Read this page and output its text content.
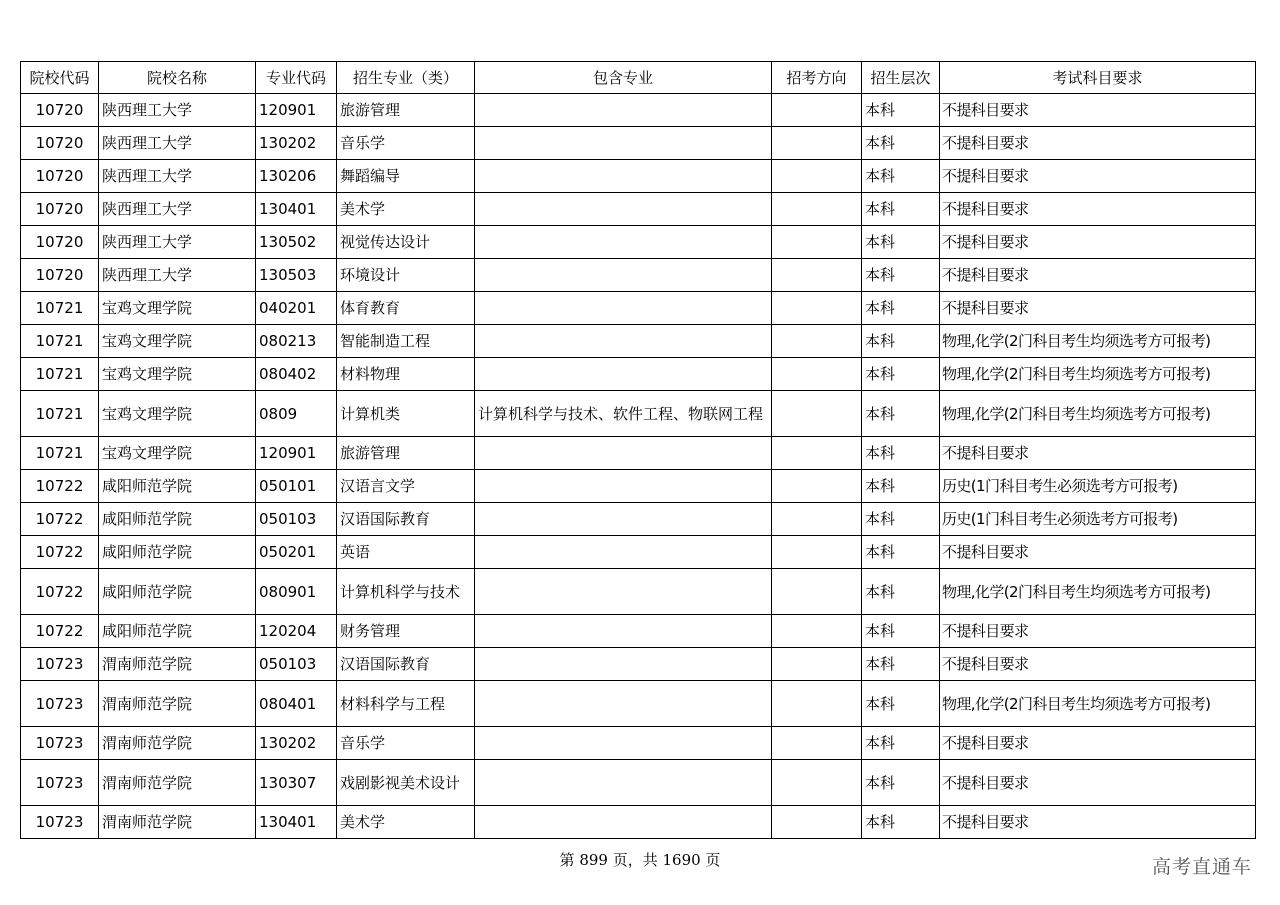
院校代码	院校名称	专业代码	招生专业（类）	包含专业	招考方向	招生层次	考试科目要求
10720	陕西理工大学	120901	旅游管理			本科	不提科目要求
10720	陕西理工大学	130202	音乐学			本科	不提科目要求
10720	陕西理工大学	130206	舞蹈编导			本科	不提科目要求
10720	陕西理工大学	130401	美术学			本科	不提科目要求
10720	陕西理工大学	130502	视觉传达设计			本科	不提科目要求
10720	陕西理工大学	130503	环境设计			本科	不提科目要求
10721	宝鸡文理学院	040201	体育教育			本科	不提科目要求
10721	宝鸡文理学院	080213	智能制造工程			本科	物理,化学(2门科目考生均须选考方可报考)
10721	宝鸡文理学院	080402	材料物理			本科	物理,化学(2门科目考生均须选考方可报考)
10721	宝鸡文理学院	0809	计算机类	计算机科学与技术、软件工程、物联网工程		本科	物理,化学(2门科目考生均须选考方可报考)
10721	宝鸡文理学院	120901	旅游管理			本科	不提科目要求
10722	咸阳师范学院	050101	汉语言文学			本科	历史(1门科目考生必须选考方可报考)
10722	咸阳师范学院	050103	汉语国际教育			本科	历史(1门科目考生必须选考方可报考)
10722	咸阳师范学院	050201	英语			本科	不提科目要求
10722	咸阳师范学院	080901	计算机科学与技术			本科	物理,化学(2门科目考生均须选考方可报考)
10722	咸阳师范学院	120204	财务管理			本科	不提科目要求
10723	渭南师范学院	050103	汉语国际教育			本科	不提科目要求
10723	渭南师范学院	080401	材料科学与工程			本科	物理,化学(2门科目考生均须选考方可报考)
10723	渭南师范学院	130202	音乐学			本科	不提科目要求
10723	渭南师范学院	130307	戏剧影视美术设计			本科	不提科目要求
10723	渭南师范学院	130401	美术学			本科	不提科目要求
第 899 页，共 1690 页	高考直通车
